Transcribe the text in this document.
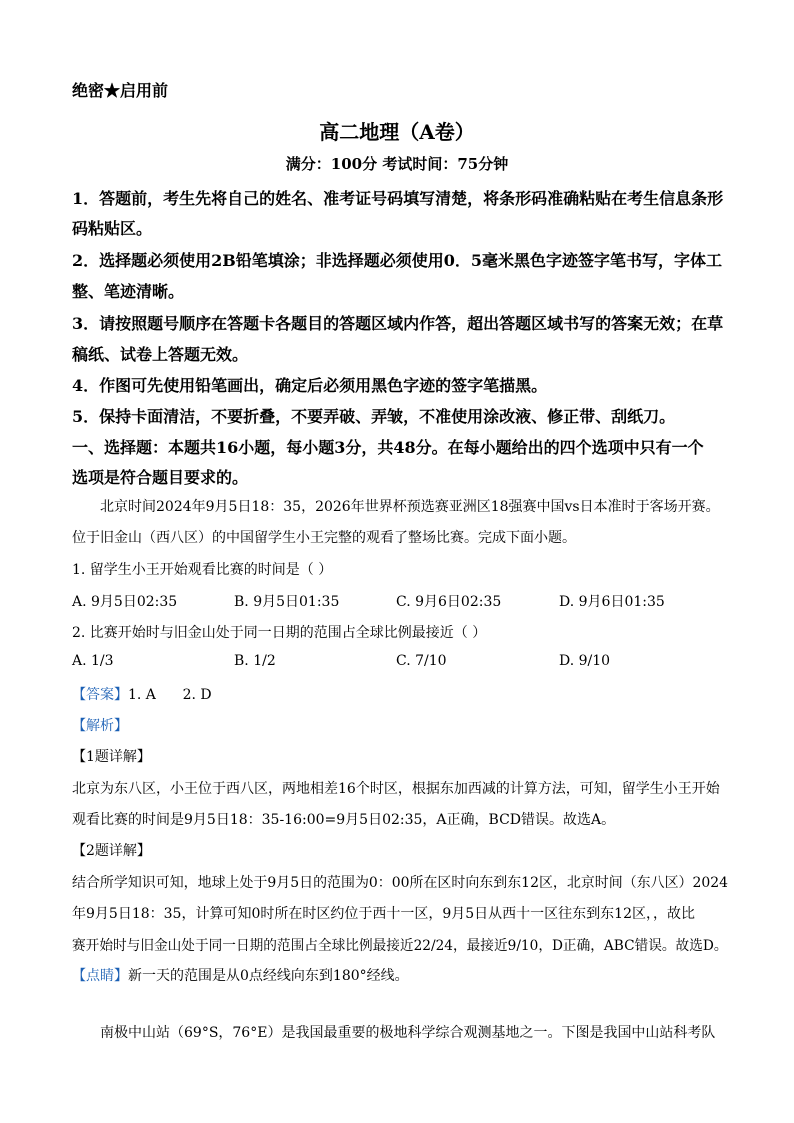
绝密★启用前
高二地理（A卷）
满分：100分 考试时间：75分钟
1．答题前，考生先将自己的姓名、准考证号码填写清楚，将条形码准确粘贴在考生信息条形
码粘贴区。
2．选择题必须使用2B铅笔填涂；非选择题必须使用0．5毫米黑色字迹签字笔书写，字体工
整、笔迹清晰。
3．请按照题号顺序在答题卡各题目的答题区域内作答，超出答题区域书写的答案无效；在草
稿纸、试卷上答题无效。
4．作图可先使用铅笔画出，确定后必须用黑色字迹的签字笔描黑。
5．保持卡面清洁，不要折叠，不要弄破、弄皱，不准使用涂改液、修正带、刮纸刀。
一、选择题：本题共16小题，每小题3分，共48分。在每小题给出的四个选项中只有一个
选项是符合题目要求的。
北京时间2024年9月5日18：35，2026年世界杯预选赛亚洲区18强赛中国vs日本准时于客场开赛。
位于旧金山（西八区）的中国留学生小王完整的观看了整场比赛。完成下面小题。
1. 留学生小王开始观看比赛的时间是（ ）
A. 9月5日02:35	B. 9月5日01:35	C. 9月6日02:35	D. 9月6日01:35
2. 比赛开始时与旧金山处于同一日期的范围占全球比例最接近（ ）
A. 1/3	B. 1/2	C. 7/10	D. 9/10
【答案】1. A      2. D
【解析】
【1题详解】
北京为东八区，小王位于西八区，两地相差16个时区，根据东加西减的计算方法，可知，留学生小王开始
观看比赛的时间是9月5日18：35-16:00=9月5日02:35，A正确，BCD错误。故选A。
【2题详解】
结合所学知识可知，地球上处于9月5日的范围为0：00所在区时向东到东12区，北京时间（东八区）2024
年9月5日18：35，计算可知0时所在时区约位于西十一区，9月5日从西十一区往东到东12区，，故比
赛开始时与旧金山处于同一日期的范围占全球比例最接近22/24，最接近9/10，D正确，ABC错误。故选D。
【点睛】新一天的范围是从0点经线向东到180°经线。
南极中山站（69°S，76°E）是我国最重要的极地科学综合观测基地之一。下图是我国中山站科考队
